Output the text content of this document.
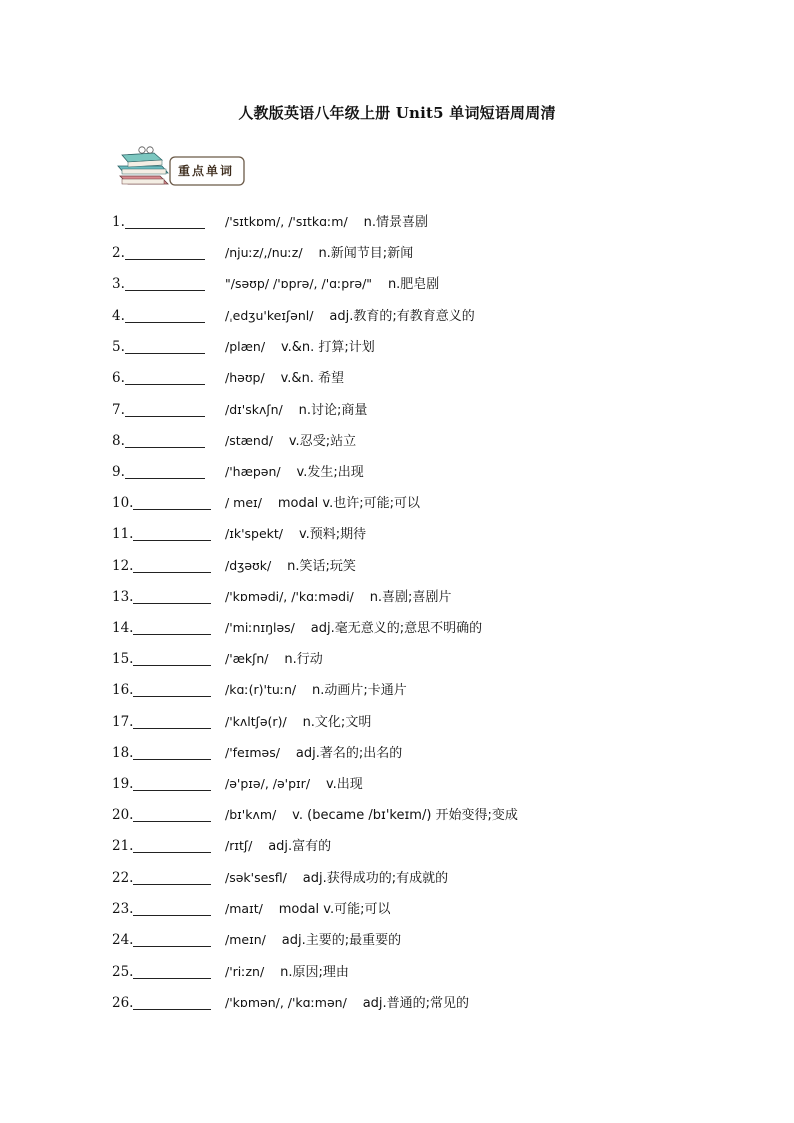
人教版英语八年级上册 Unit5 单词短语周周清
重点单词
1.	/'sɪtkɒm/, /'sɪtkɑːm/ n.情景喜剧
2.	/njuːz/,/nuːz/ n.新闻节目;新闻
3.	"/səʊp/ /'ɒprə/, /'ɑːprə/" n.肥皂剧
4.	/ˌedʒu'keɪʃənl/ adj.教育的;有教育意义的
5.	/plæn/ v.&n. 打算;计划
6.	/həʊp/ v.&n. 希望
7.	/dɪ'skʌʃn/ n.讨论;商量
8.	/stænd/ v.忍受;站立
9.	/'hæpən/ v.发生;出现
10.	/ meɪ/ modal v.也许;可能;可以
11.	/ɪk'spekt/ v.预料;期待
12.	/dʒəʊk/ n.笑话;玩笑
13.	/'kɒmədi/, /'kɑːmədi/ n.喜剧;喜剧片
14.	/'miːnɪŋləs/ adj.毫无意义的;意思不明确的
15.	/'ækʃn/ n.行动
16.	/kɑː(r)'tuːn/ n.动画片;卡通片
17.	/'kʌltʃə(r)/ n.文化;文明
18.	/'feɪməs/ adj.著名的;出名的
19.	/ə'pɪə/, /ə'pɪr/ v.出现
20.	/bɪ'kʌm/ v. (became /bɪ'keɪm/) 开始变得;变成
21.	/rɪtʃ/ adj.富有的
22.	/sək'sesfl/ adj.获得成功的;有成就的
23.	/maɪt/ modal v.可能;可以
24.	/meɪn/ adj.主要的;最重要的
25.	/'riːzn/ n.原因;理由
26.	/'kɒmən/, /'kɑːmən/ adj.普通的;常见的
